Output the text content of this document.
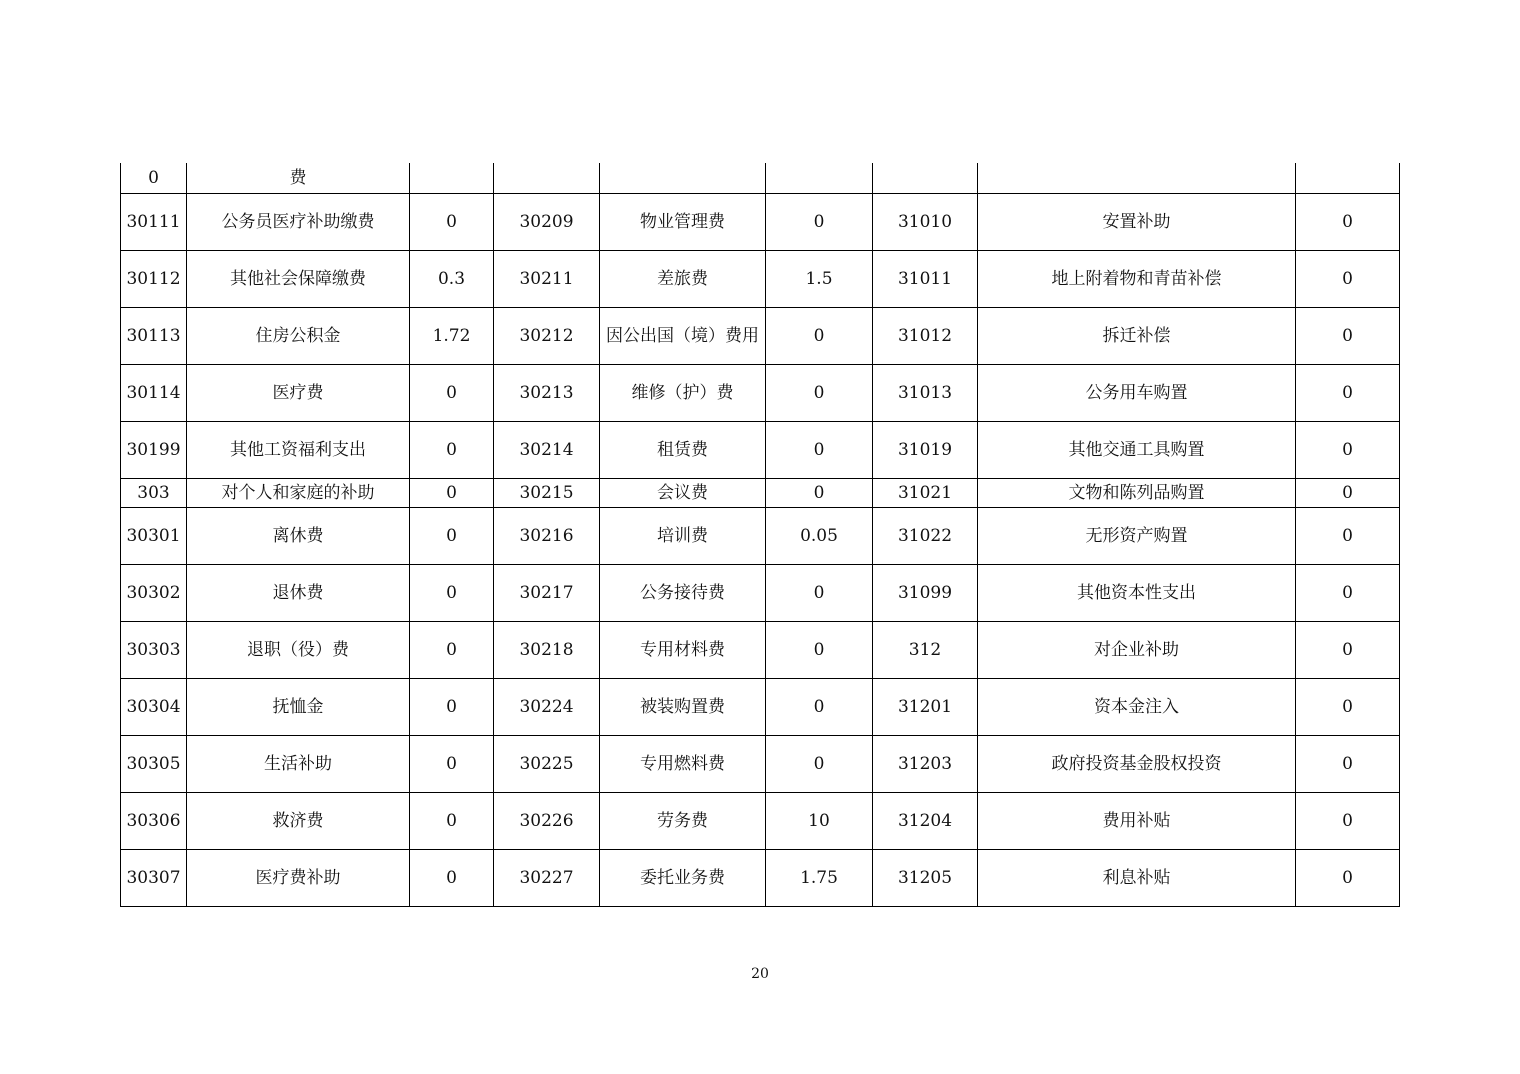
0	费							
30111	公务员医疗补助缴费	0	30209	物业管理费	0	31010	安置补助	0
30112	其他社会保障缴费	0.3	30211	差旅费	1.5	31011	地上附着物和青苗补偿	0
30113	住房公积金	1.72	30212	因公出国（境）费用	0	31012	拆迁补偿	0
30114	医疗费	0	30213	维修（护）费	0	31013	公务用车购置	0
30199	其他工资福利支出	0	30214	租赁费	0	31019	其他交通工具购置	0
303	对个人和家庭的补助	0	30215	会议费	0	31021	文物和陈列品购置	0
30301	离休费	0	30216	培训费	0.05	31022	无形资产购置	0
30302	退休费	0	30217	公务接待费	0	31099	其他资本性支出	0
30303	退职（役）费	0	30218	专用材料费	0	312	对企业补助	0
30304	抚恤金	0	30224	被装购置费	0	31201	资本金注入	0
30305	生活补助	0	30225	专用燃料费	0	31203	政府投资基金股权投资	0
30306	救济费	0	30226	劳务费	10	31204	费用补贴	0
30307	医疗费补助	0	30227	委托业务费	1.75	31205	利息补贴	0
20
